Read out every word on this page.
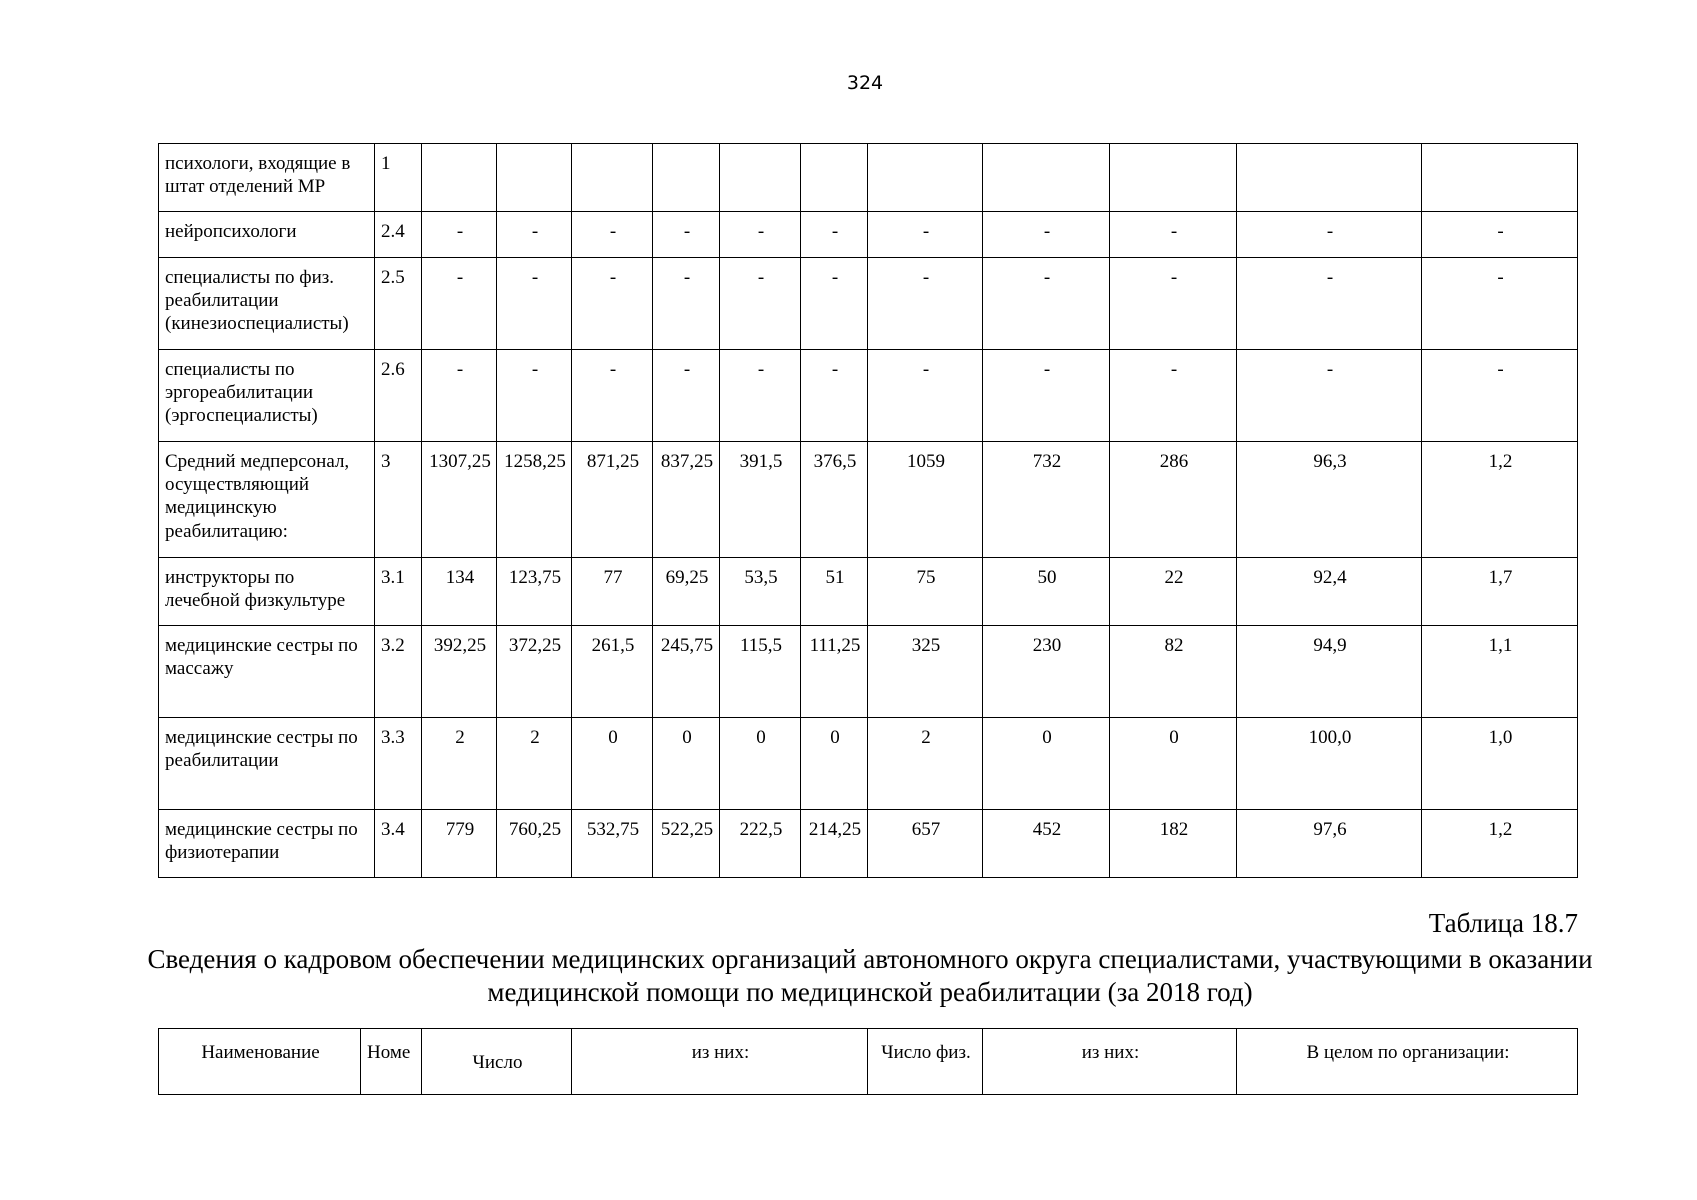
324
психологи, входящие в штат отделений МР	1											
нейропсихологи	2.4	-	-	-	-	-	-	-	-	-	-	-
специалисты по физ. реабилитации (кинезиоспециалисты)	2.5	-	-	-	-	-	-	-	-	-	-	-
специалисты по эргореабилитации (эргоспециалисты)	2.6	-	-	-	-	-	-	-	-	-	-	-
Средний медперсонал, осуществляющий медицинскую реабилитацию:	3	1307,25	1258,25	871,25	837,25	391,5	376,5	1059	732	286	96,3	1,2
инструкторы по лечебной физкультуре	3.1	134	123,75	77	69,25	53,5	51	75	50	22	92,4	1,7
медицинские сестры по массажу	3.2	392,25	372,25	261,5	245,75	115,5	111,25	325	230	82	94,9	1,1
медицинские сестры по реабилитации	3.3	2	2	0	0	0	0	2	0	0	100,0	1,0
медицинские сестры по физиотерапии	3.4	779	760,25	532,75	522,25	222,5	214,25	657	452	182	97,6	1,2
Таблица 18.7
Сведения о кадровом обеспечении медицинских организаций автономного округа специалистами, участвующими в оказании медицинской помощи по медицинской реабилитации (за 2018 год)
Наименование	Номе	Число	из них:	Число физ.	из них:	В целом по организации:
